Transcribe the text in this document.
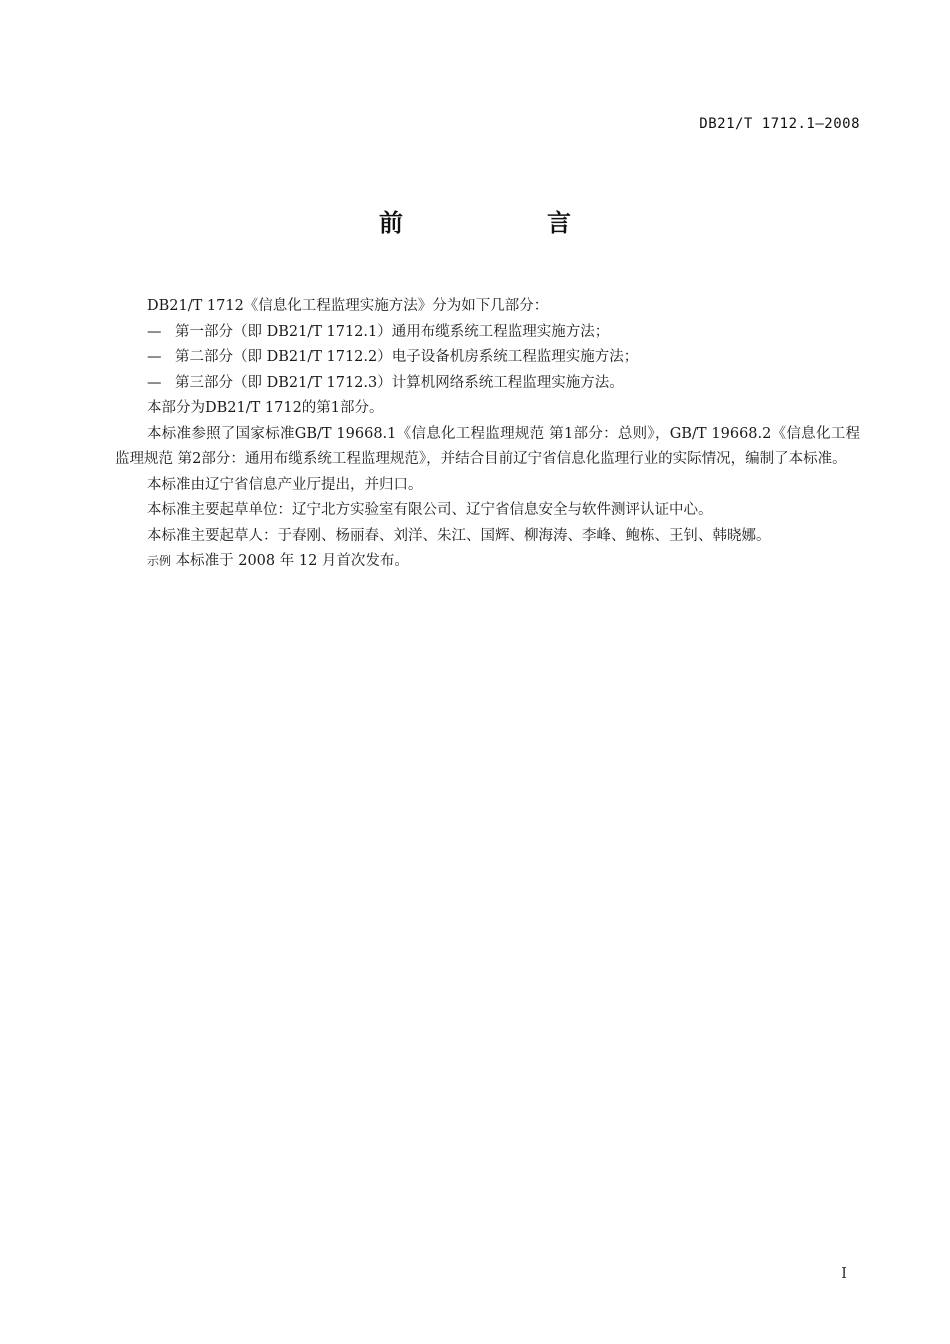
DB21/T 1712.1—2008
前　言

DB21/T 1712《信息化工程监理实施方法》分为如下几部分：

— 第一部分（即 DB21/T 1712.1）通用布缆系统工程监理实施方法；
— 第二部分（即 DB21/T 1712.2）电子设备机房系统工程监理实施方法；
— 第三部分（即 DB21/T 1712.3）计算机网络系统工程监理实施方法。

本部分为DB21/T 1712的第1部分。

本标准参照了国家标准GB/T 19668.1《信息化工程监理规范 第1部分：总则》，GB/T 19668.2《信息化工程监理规范 第2部分：通用布缆系统工程监理规范》，并结合目前辽宁省信息化监理行业的实际情况，编制了本标准。

本标准由辽宁省信息产业厅提出，并归口。

本标准主要起草单位：辽宁北方实验室有限公司、辽宁省信息安全与软件测评认证中心。

本标准主要起草人：于春刚、杨丽春、刘洋、朱江、国辉、柳海涛、李峰、鲍栋、王钊、韩晓娜。

示例 本标准于 2008 年 12 月首次发布。

I
